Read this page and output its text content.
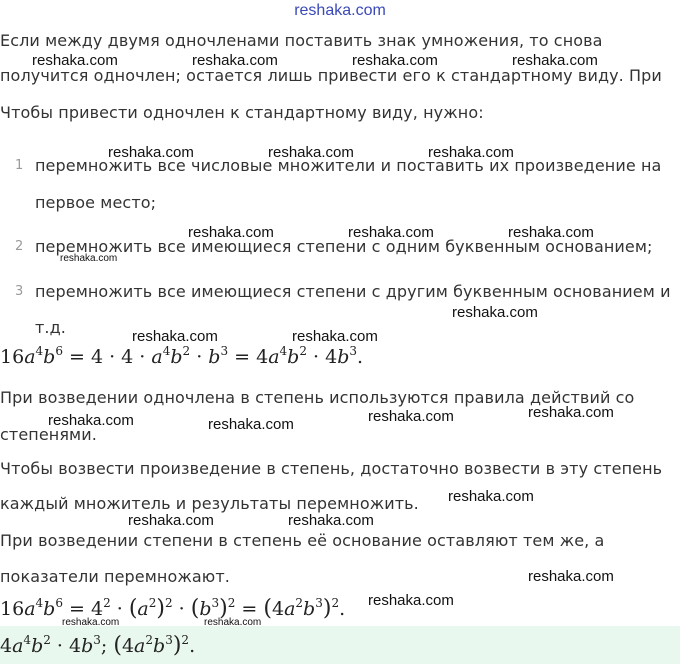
reshaka.com
Если между двумя одночленами поставить знак умножения, то снова
получится одночлен; остается лишь привести его к стандартному виду. При
Чтобы привести одночлен к стандартному виду, нужно:
1 перемножить все числовые множители и поставить их произведение на
первое место;
2 перемножить все имеющиеся степени с одним буквенным основанием;
3 перемножить все имеющиеся степени с другим буквенным основанием и
т.д.
$16a^4b^6 = 4 \cdot 4 \cdot a^4b^2 \cdot b^3 = 4a^4b^2 \cdot 4b^3$.
При возведении одночлена в степень используются правила действий со
степенями.
Чтобы возвести произведение в степень, достаточно возвести в эту степень
каждый множитель и результаты перемножить.
При возведении степени в степень её основание оставляют тем же, а
показатели перемножают.
$16a^4b^6 = 4^2 \cdot (a^2)^2 \cdot (b^3)^2 = (4a^2b^3)^2$.
$4a^4b^2 \cdot 4b^3$; $(4a^2b^3)^2$.
reshaka.com	reshaka.com	reshaka.com	reshaka.com
reshaka.com	reshaka.com	reshaka.com
reshaka.com	reshaka.com	reshaka.com
reshaka.com
reshaka.com
reshaka.com	reshaka.com
reshaka.com	reshaka.com	reshaka.com	reshaka.com
reshaka.com
reshaka.com	reshaka.com
reshaka.com
reshaka.com
reshaka.com	reshaka.com
